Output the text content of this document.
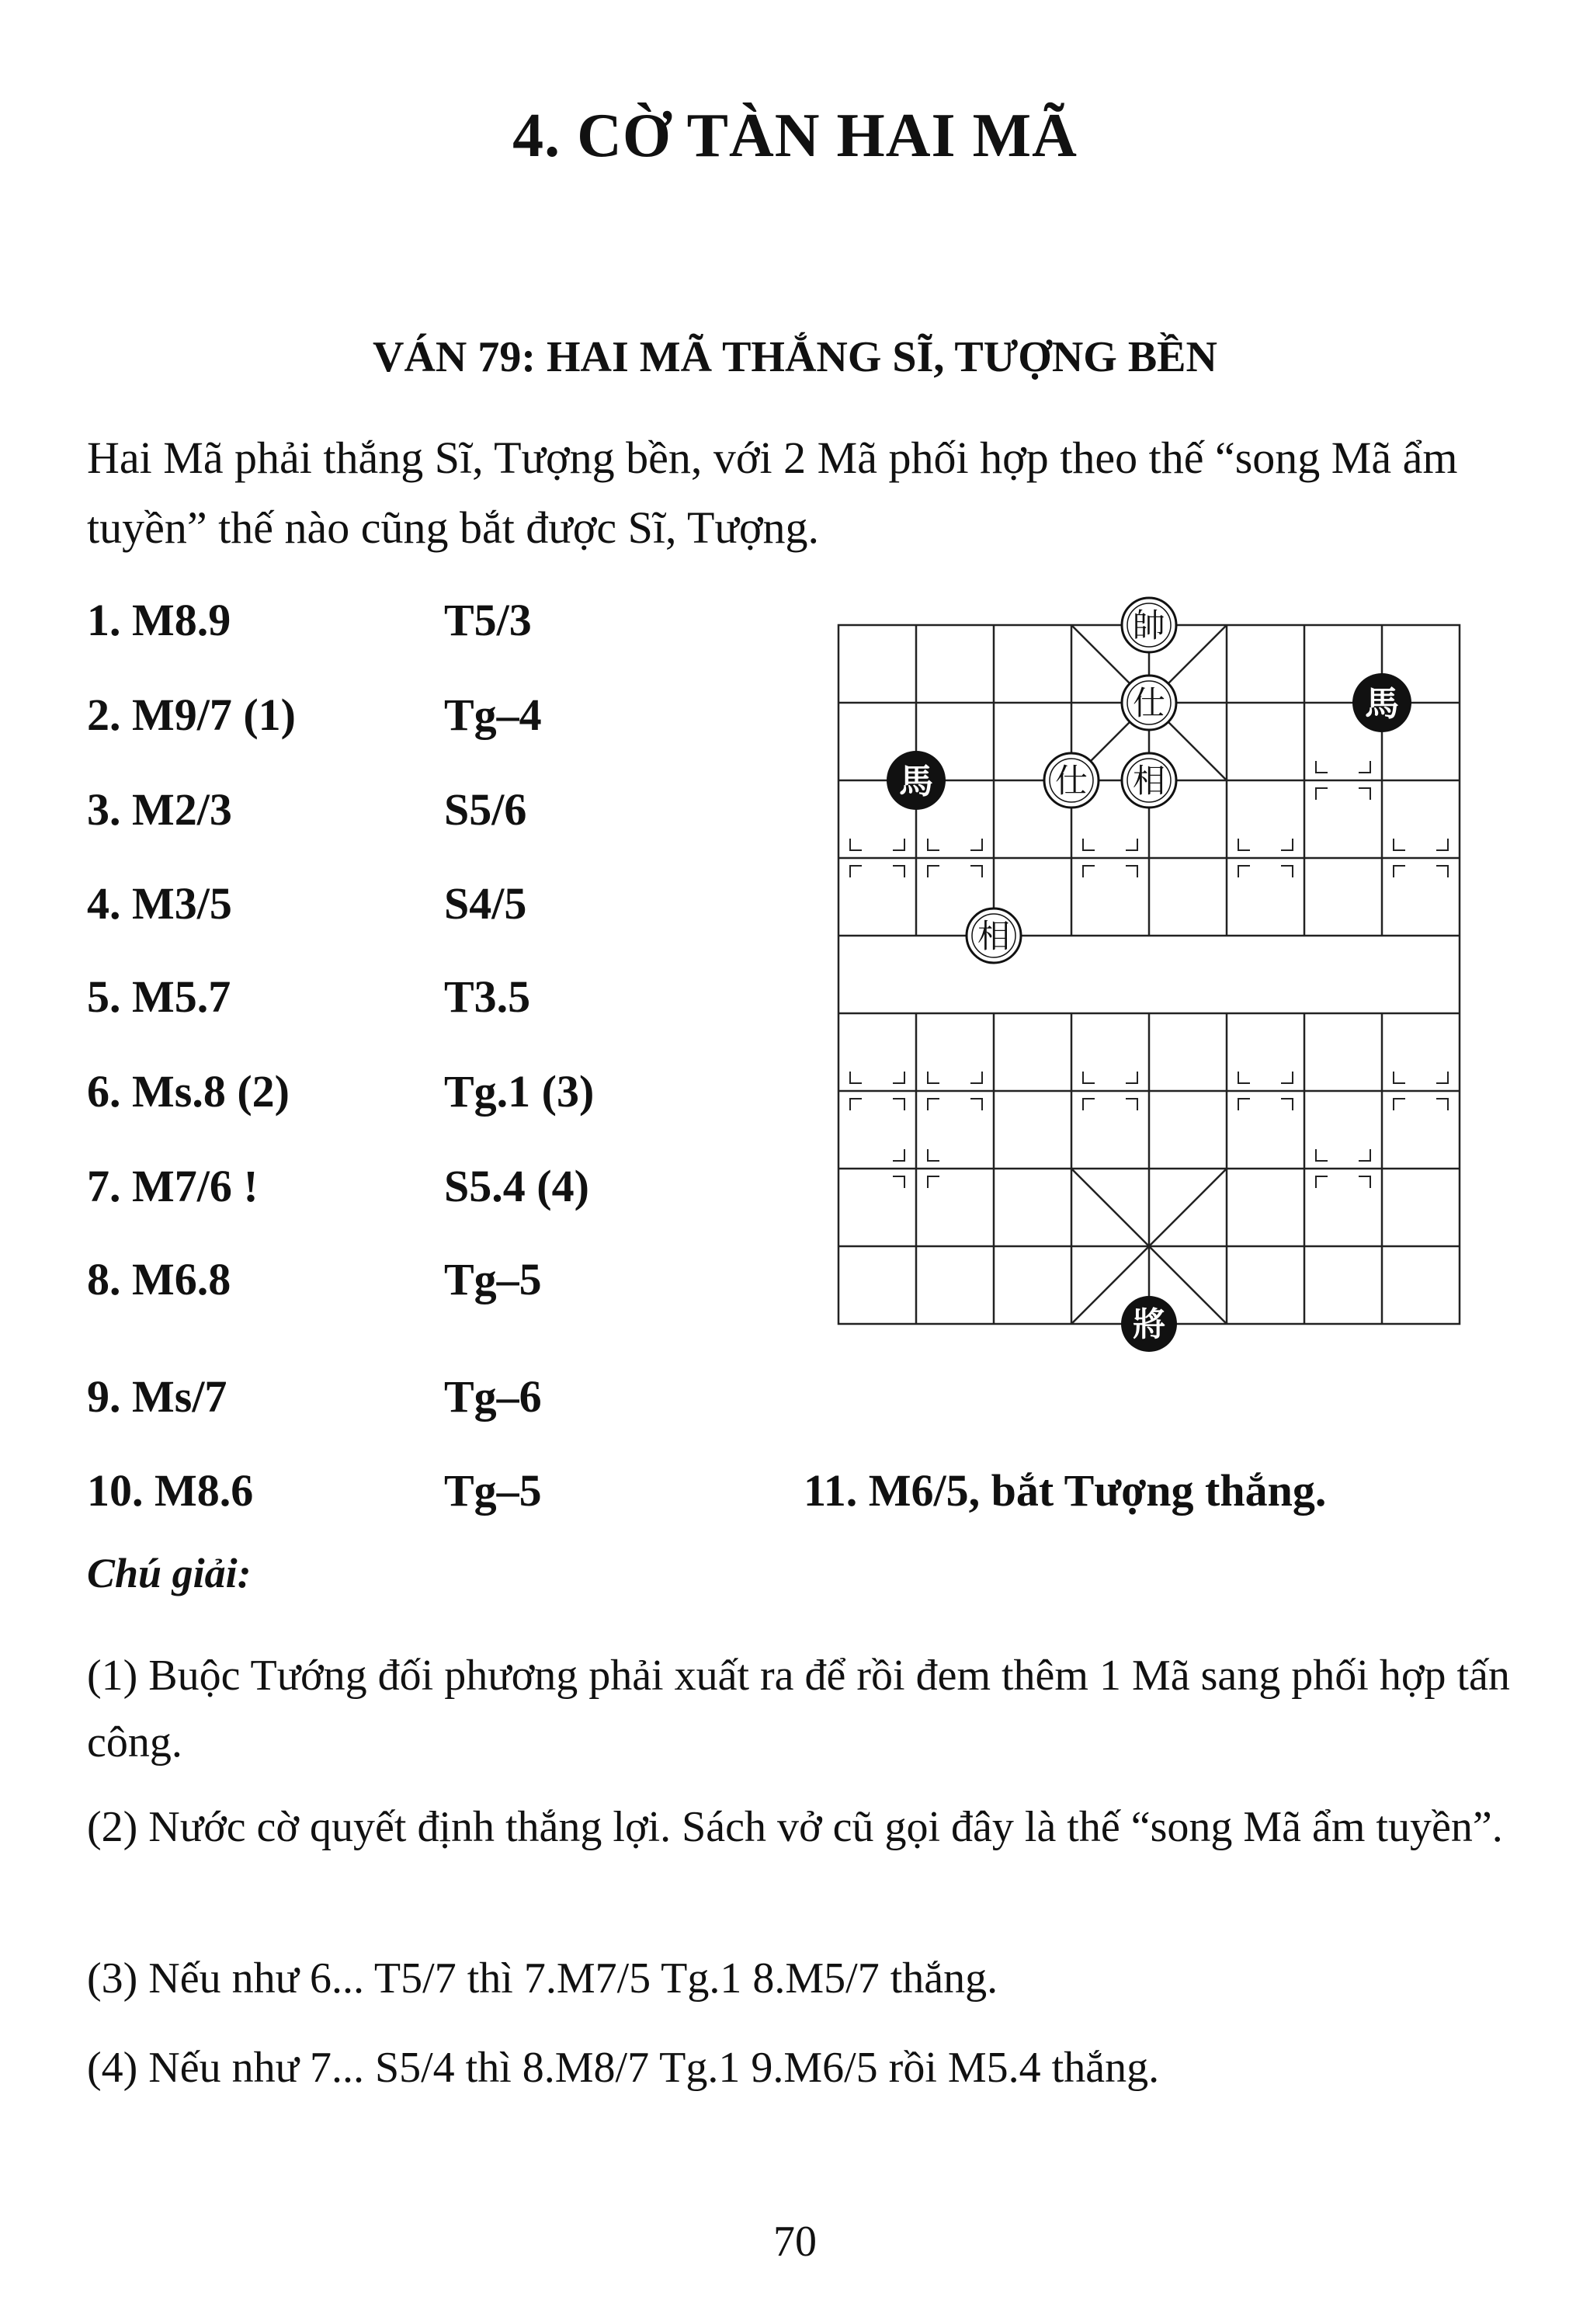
4. CỜ TÀN HAI MÃ
VÁN 79: HAI MÃ THẮNG SĨ, TƯỢNG BỀN
Hai Mã phải thắng Sĩ, Tượng bền, với 2 Mã phối hợp theo thế “song Mã ẩm tuyền” thế nào cũng bắt được Sĩ, Tượng.
1. M8.9	T5/3
2. M9/7 (1)	Tg–4
3. M2/3	S5/6
4. M3/5	S4/5
5. M5.7	T3.5
6. Ms.8 (2)	Tg.1 (3)
7. M7/6 !	S5.4 (4)
8. M6.8	Tg–5
9. Ms/7	Tg–6
10. M8.6	Tg–5	11. M6/5, bắt Tượng thắng.
帥
仕
仕 相
相
馬
馬
將
Chú giải:
(1) Buộc Tướng đối phương phải xuất ra để rồi đem thêm 1 Mã sang phối hợp tấn công.
(2) Nước cờ quyết định thắng lợi. Sách vở cũ gọi đây là thế “song Mã ẩm tuyền”.
(3) Nếu như 6... T5/7 thì 7.M7/5 Tg.1 8.M5/7 thắng.
(4) Nếu như 7... S5/4 thì 8.M8/7 Tg.1 9.M6/5 rồi M5.4 thắng.
70
